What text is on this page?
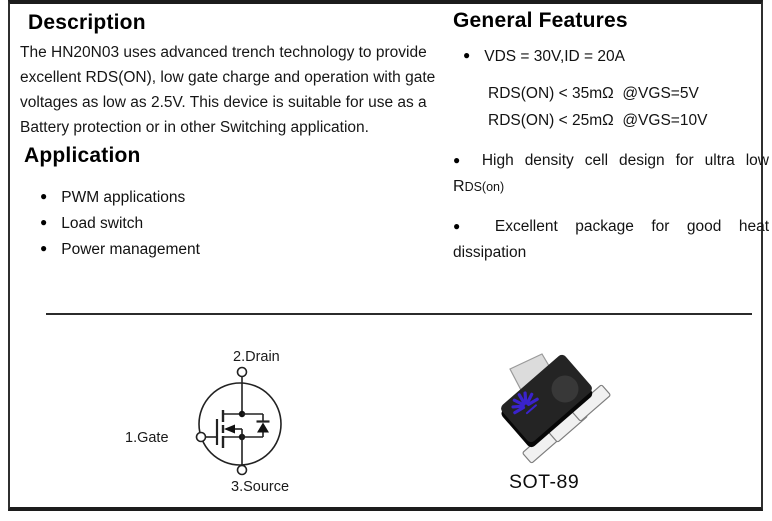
Description
The HN20N03 uses advanced trench technology to provide
excellent RDS(ON), low gate charge and operation with gate
voltages as low as 2.5V. This device is suitable for use as a
Battery protection or in other Switching application.
Application
● PWM applications
● Load switch
● Power management
General Features
● VDS = 30V,ID = 20A
RDS(ON) < 35mΩ  @VGS=5V
RDS(ON) < 25mΩ  @VGS=10V
● High density cell design for ultra low
RDS(on)
● Excellent package for good heat
dissipation
2.Drain
1.Gate
3.Source	SOT-89
